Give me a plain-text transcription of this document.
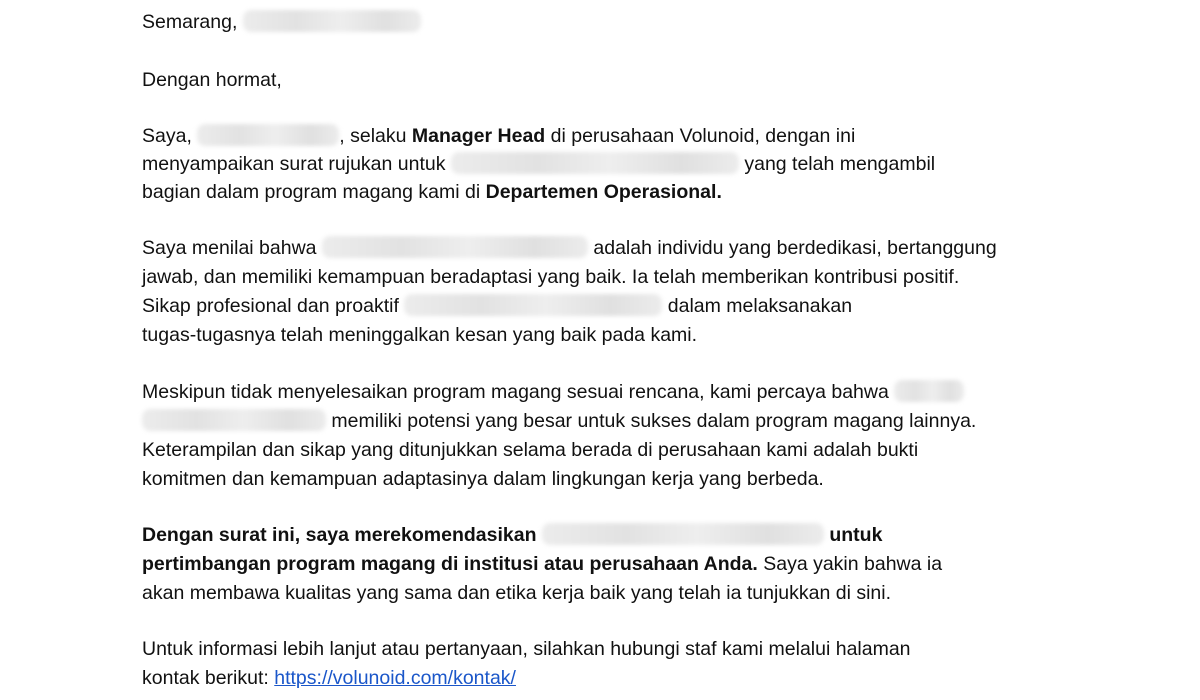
Semarang,
Dengan hormat,
Saya,	, selaku Manager Head di perusahaan Volunoid, dengan ini
menyampaikan surat rujukan untuk	yang telah mengambil
bagian dalam program magang kami di Departemen Operasional.
Saya menilai bahwa	adalah individu yang berdedikasi, bertanggung
jawab, dan memiliki kemampuan beradaptasi yang baik. Ia telah memberikan kontribusi positif.
Sikap profesional dan proaktif	dalam melaksanakan
tugas-tugasnya telah meninggalkan kesan yang baik pada kami.
Meskipun tidak menyelesaikan program magang sesuai rencana, kami percaya bahwa
memiliki potensi yang besar untuk sukses dalam program magang lainnya.
Keterampilan dan sikap yang ditunjukkan selama berada di perusahaan kami adalah bukti
komitmen dan kemampuan adaptasinya dalam lingkungan kerja yang berbeda.
Dengan surat ini, saya merekomendasikan	untuk
pertimbangan program magang di institusi atau perusahaan Anda. Saya yakin bahwa ia
akan membawa kualitas yang sama dan etika kerja baik yang telah ia tunjukkan di sini.
Untuk informasi lebih lanjut atau pertanyaan, silahkan hubungi staf kami melalui halaman
kontak berikut: https://volunoid.com/kontak/
